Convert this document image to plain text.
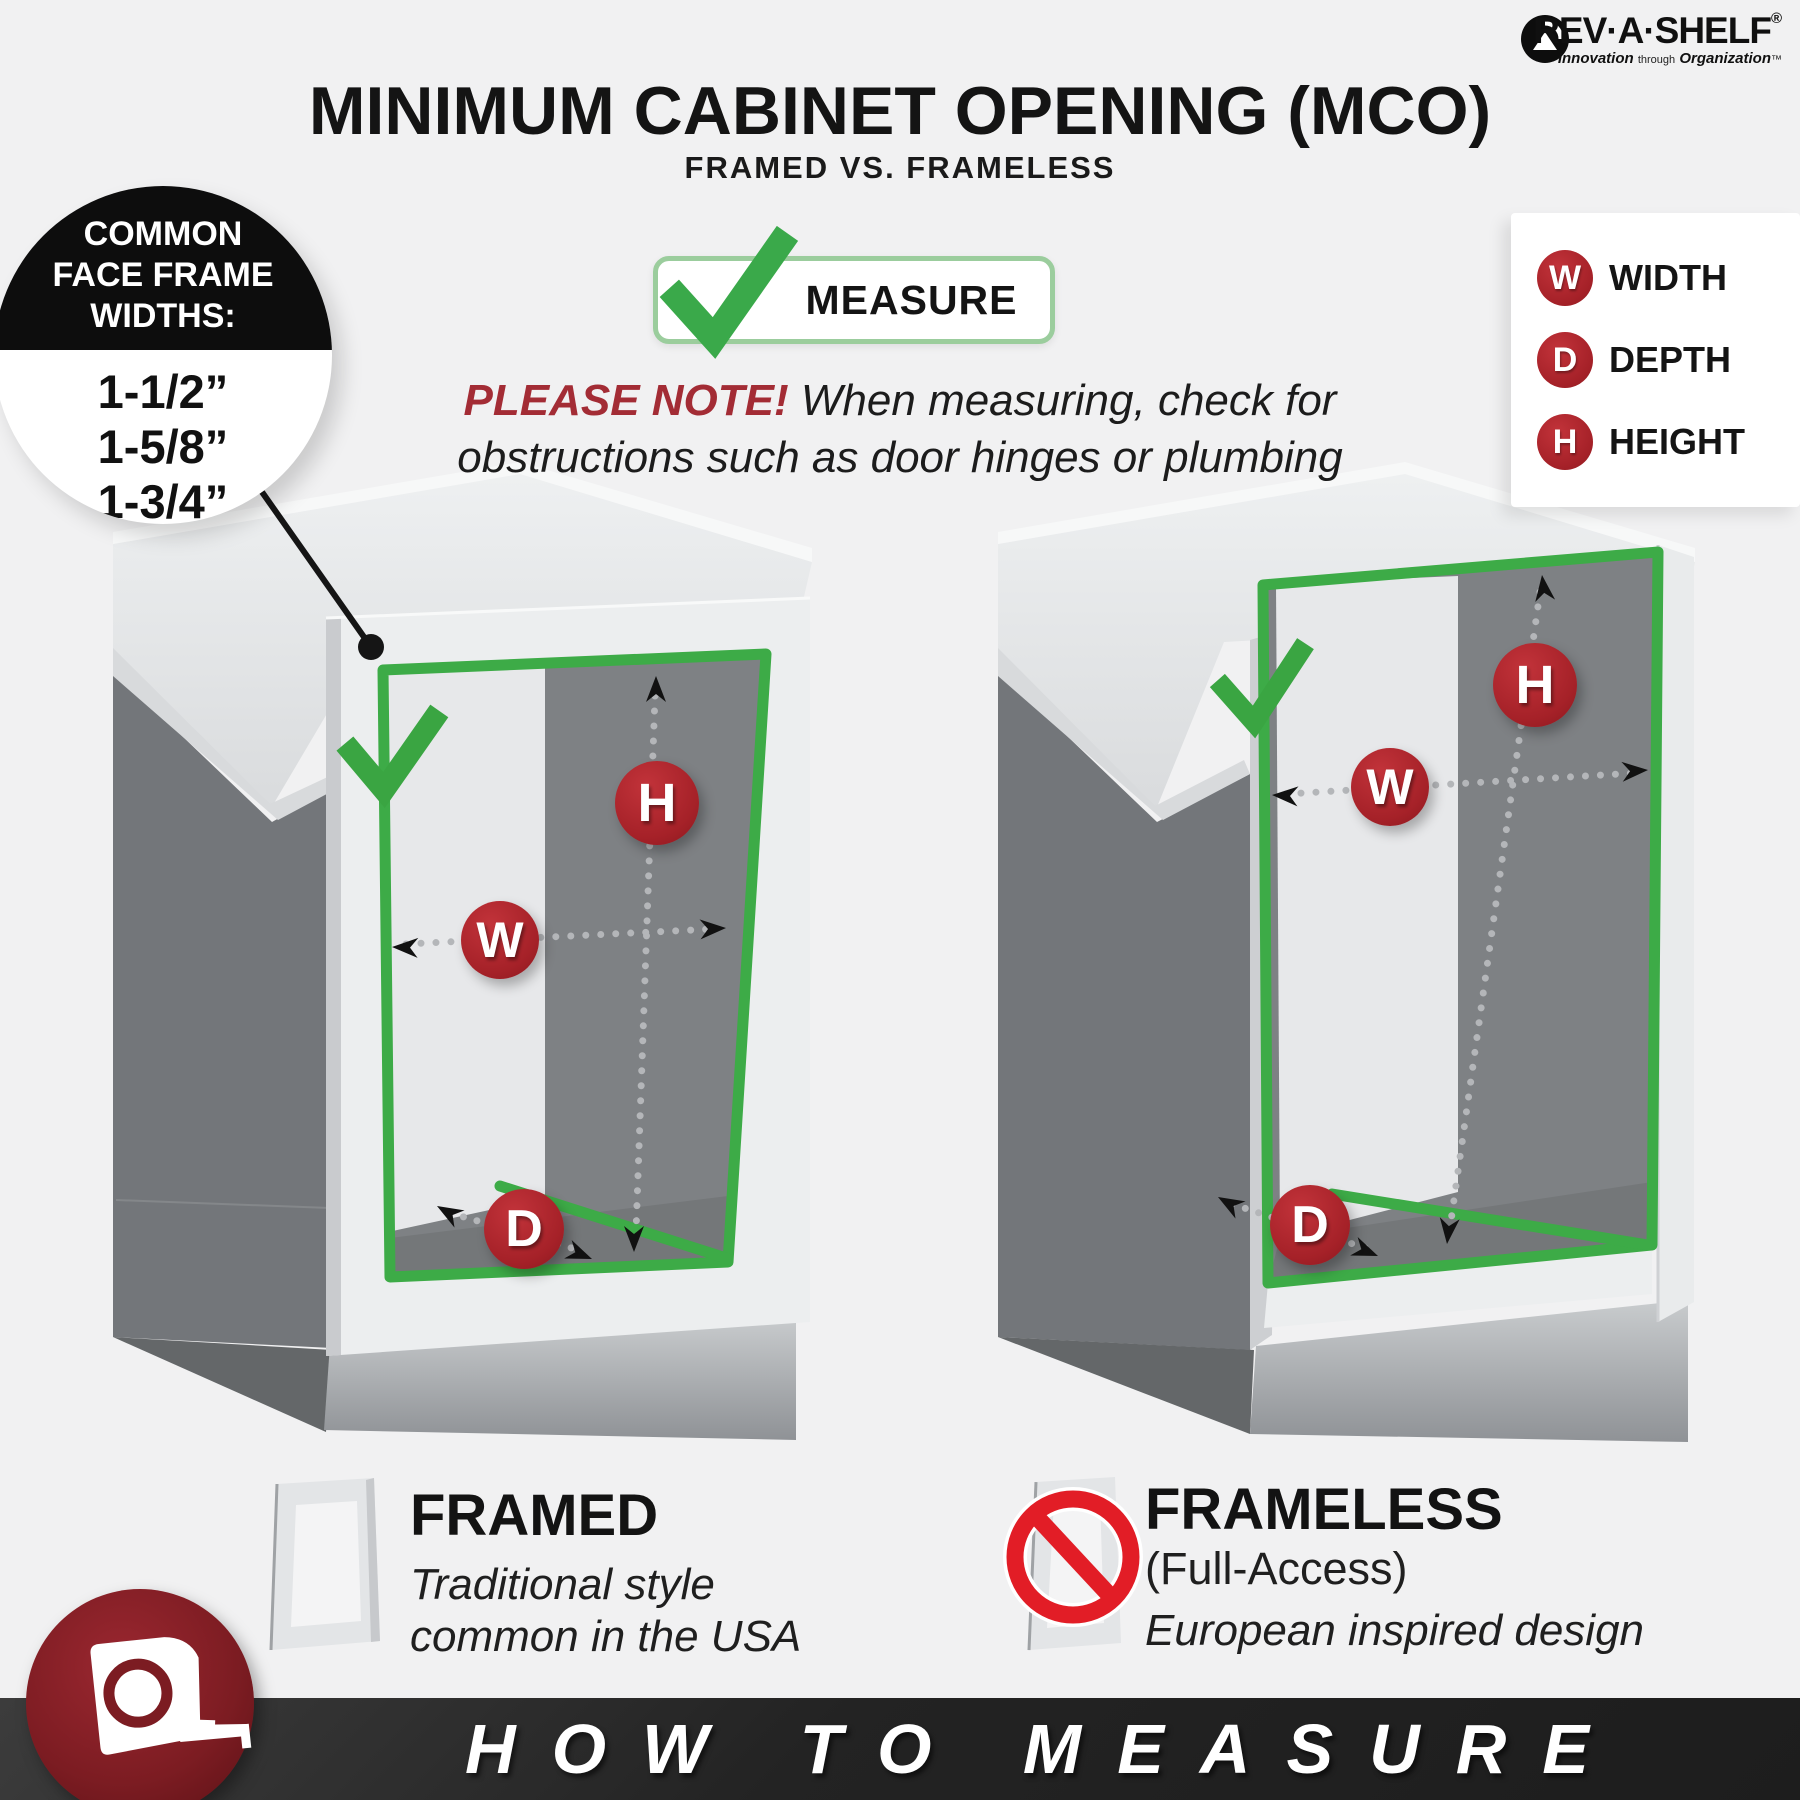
REV·A·SHELF®
Innovation through Organization™
MINIMUM CABINET OPENING (MCO)
FRAMED VS. FRAMELESS
COMMON
FACE FRAME
WIDTHS:
1-1/2”
1-5/8”
1-3/4”
MEASURE
PLEASE NOTE! When measuring, check for
obstructions such as door hinges or plumbing
W WIDTH
D DEPTH
H HEIGHT
H
W
D
H
W
D
FRAMED
Traditional style
common in the USA
FRAMELESS
(Full-Access)
European inspired design
HOW TO MEASURE
